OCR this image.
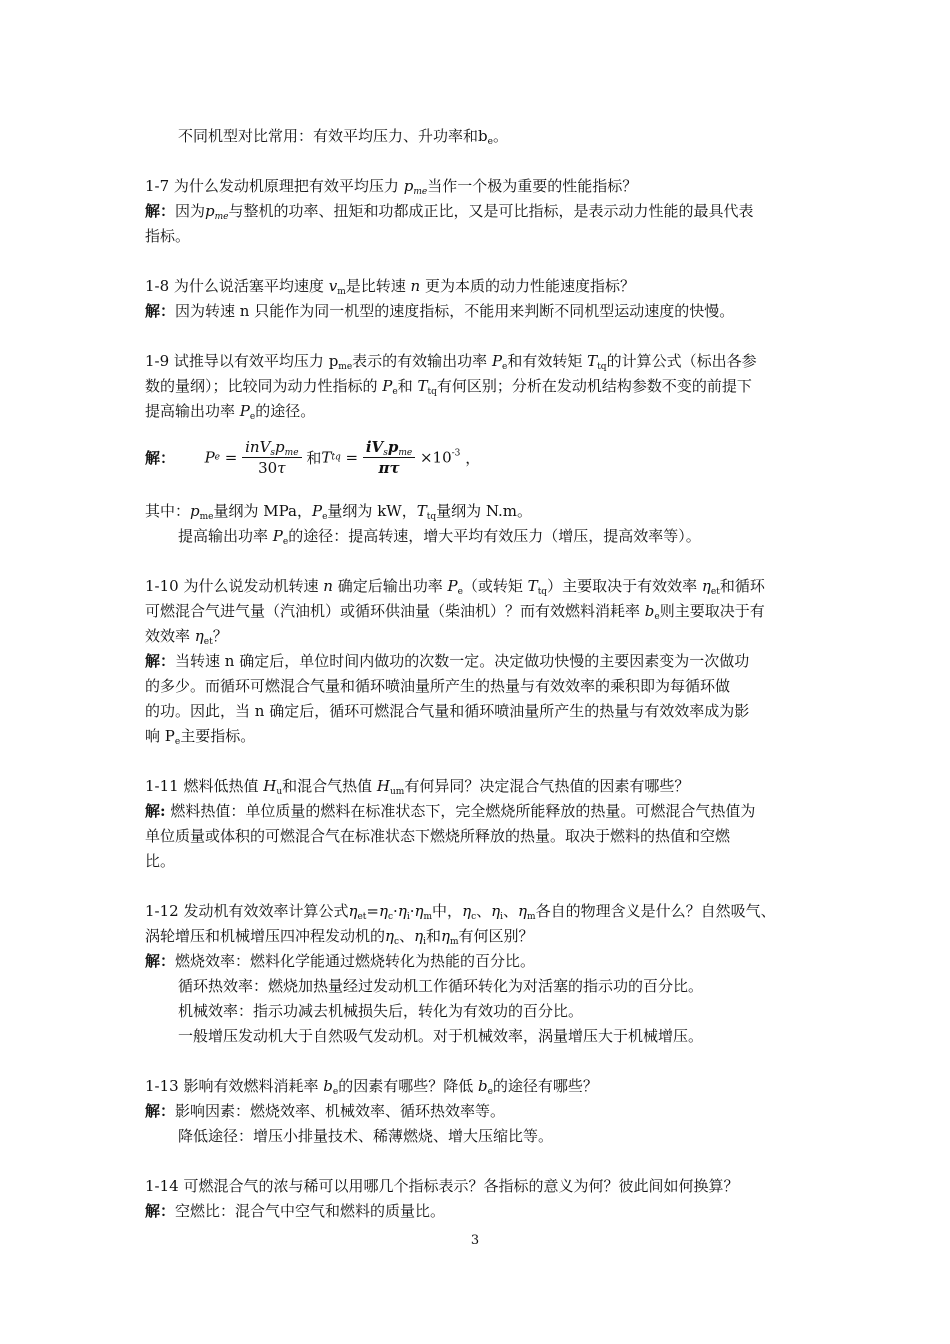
不同机型对比常用：有效平均压力、升功率和$b_e$。
1-7 为什么发动机原理把有效平均压力 $p_{me}$当作一个极为重要的性能指标？
解：因为$p_{me}$与整机的功率、扭矩和功都成正比，又是可比指标，是表示动力性能的最具代表
指标。
1-8 为什么说活塞平均速度 $v_m$是比转速 n 更为本质的动力性能速度指标？
解：因为转速 n 只能作为同一机型的速度指标，不能用来判断不同机型运动速度的快慢。
1-9 试推导以有效平均压力 $p_{me}$表示的有效输出功率 $P_e$和有效转矩 $T_{tq}$的计算公式（标出各参
数的量纲）；比较同为动力性指标的 $P_e$和 $T_{tq}$有何区别；分析在发动机结构参数不变的前提下
提高输出功率 $P_e$的途径。
解： $Pe = \frac{inV_sp_{me}}{30\tau}$ 和Ttq = $\frac{iV_sp_{me}}{\pi\tau} \times 10^{-3}$ ，
其中：$p_{me}$量纲为 MPa，$P_e$量纲为 kW，$T_{tq}$量纲为 N.m。
提高输出功率 $P_e$的途径：提高转速，增大平均有效压力（增压，提高效率等）。
1-10 为什么说发动机转速 n 确定后输出功率 $P_e$（或转矩 $T_{tq}$）主要取决于有效效率 $\eta_{et}$和循环
可燃混合气进气量（汽油机）或循环供油量（柴油机）？而有效燃料消耗率 $b_e$则主要取决于有
效效率 $\eta_{et}$？
解：当转速 n 确定后，单位时间内做功的次数一定。决定做功快慢的主要因素变为一次做功
的多少。而循环可燃混合气量和循环喷油量所产生的热量与有效效率的乘积即为每循环做
的功。因此，当 n 确定后，循环可燃混合气量和循环喷油量所产生的热量与有效效率成为影
响 $P_e$主要指标。
1-11 燃料低热值 $H_u$和混合气热值 $H_{um}$有何异同？决定混合气热值的因素有哪些？
解: 燃料热值：单位质量的燃料在标准状态下，完全燃烧所能释放的热量。可燃混合气热值为
单位质量或体积的可燃混合气在标准状态下燃烧所释放的热量。取决于燃料的热值和空燃
比。
1-12 发动机有效效率计算公式$\eta_{et}=\eta_c\cdot\eta_i\cdot\eta_m$中，$\eta_c$、$\eta_i$、$\eta_m$各自的物理含义是什么？自然吸气、
涡轮增压和机械增压四冲程发动机的$\eta_c$、$\eta_i$和$\eta_m$有何区别？
解：燃烧效率：燃料化学能通过燃烧转化为热能的百分比。
循环热效率：燃烧加热量经过发动机工作循环转化为对活塞的指示功的百分比。
机械效率：指示功减去机械损失后，转化为有效功的百分比。
一般增压发动机大于自然吸气发动机。对于机械效率，涡量增压大于机械增压。
1-13 影响有效燃料消耗率 $b_e$的因素有哪些？降低 $b_e$的途径有哪些？
解：影响因素：燃烧效率、机械效率、循环热效率等。
降低途径：增压小排量技术、稀薄燃烧、增大压缩比等。
1-14 可燃混合气的浓与稀可以用哪几个指标表示？各指标的意义为何？彼此间如何换算？
解：空燃比：混合气中空气和燃料的质量比。
3
